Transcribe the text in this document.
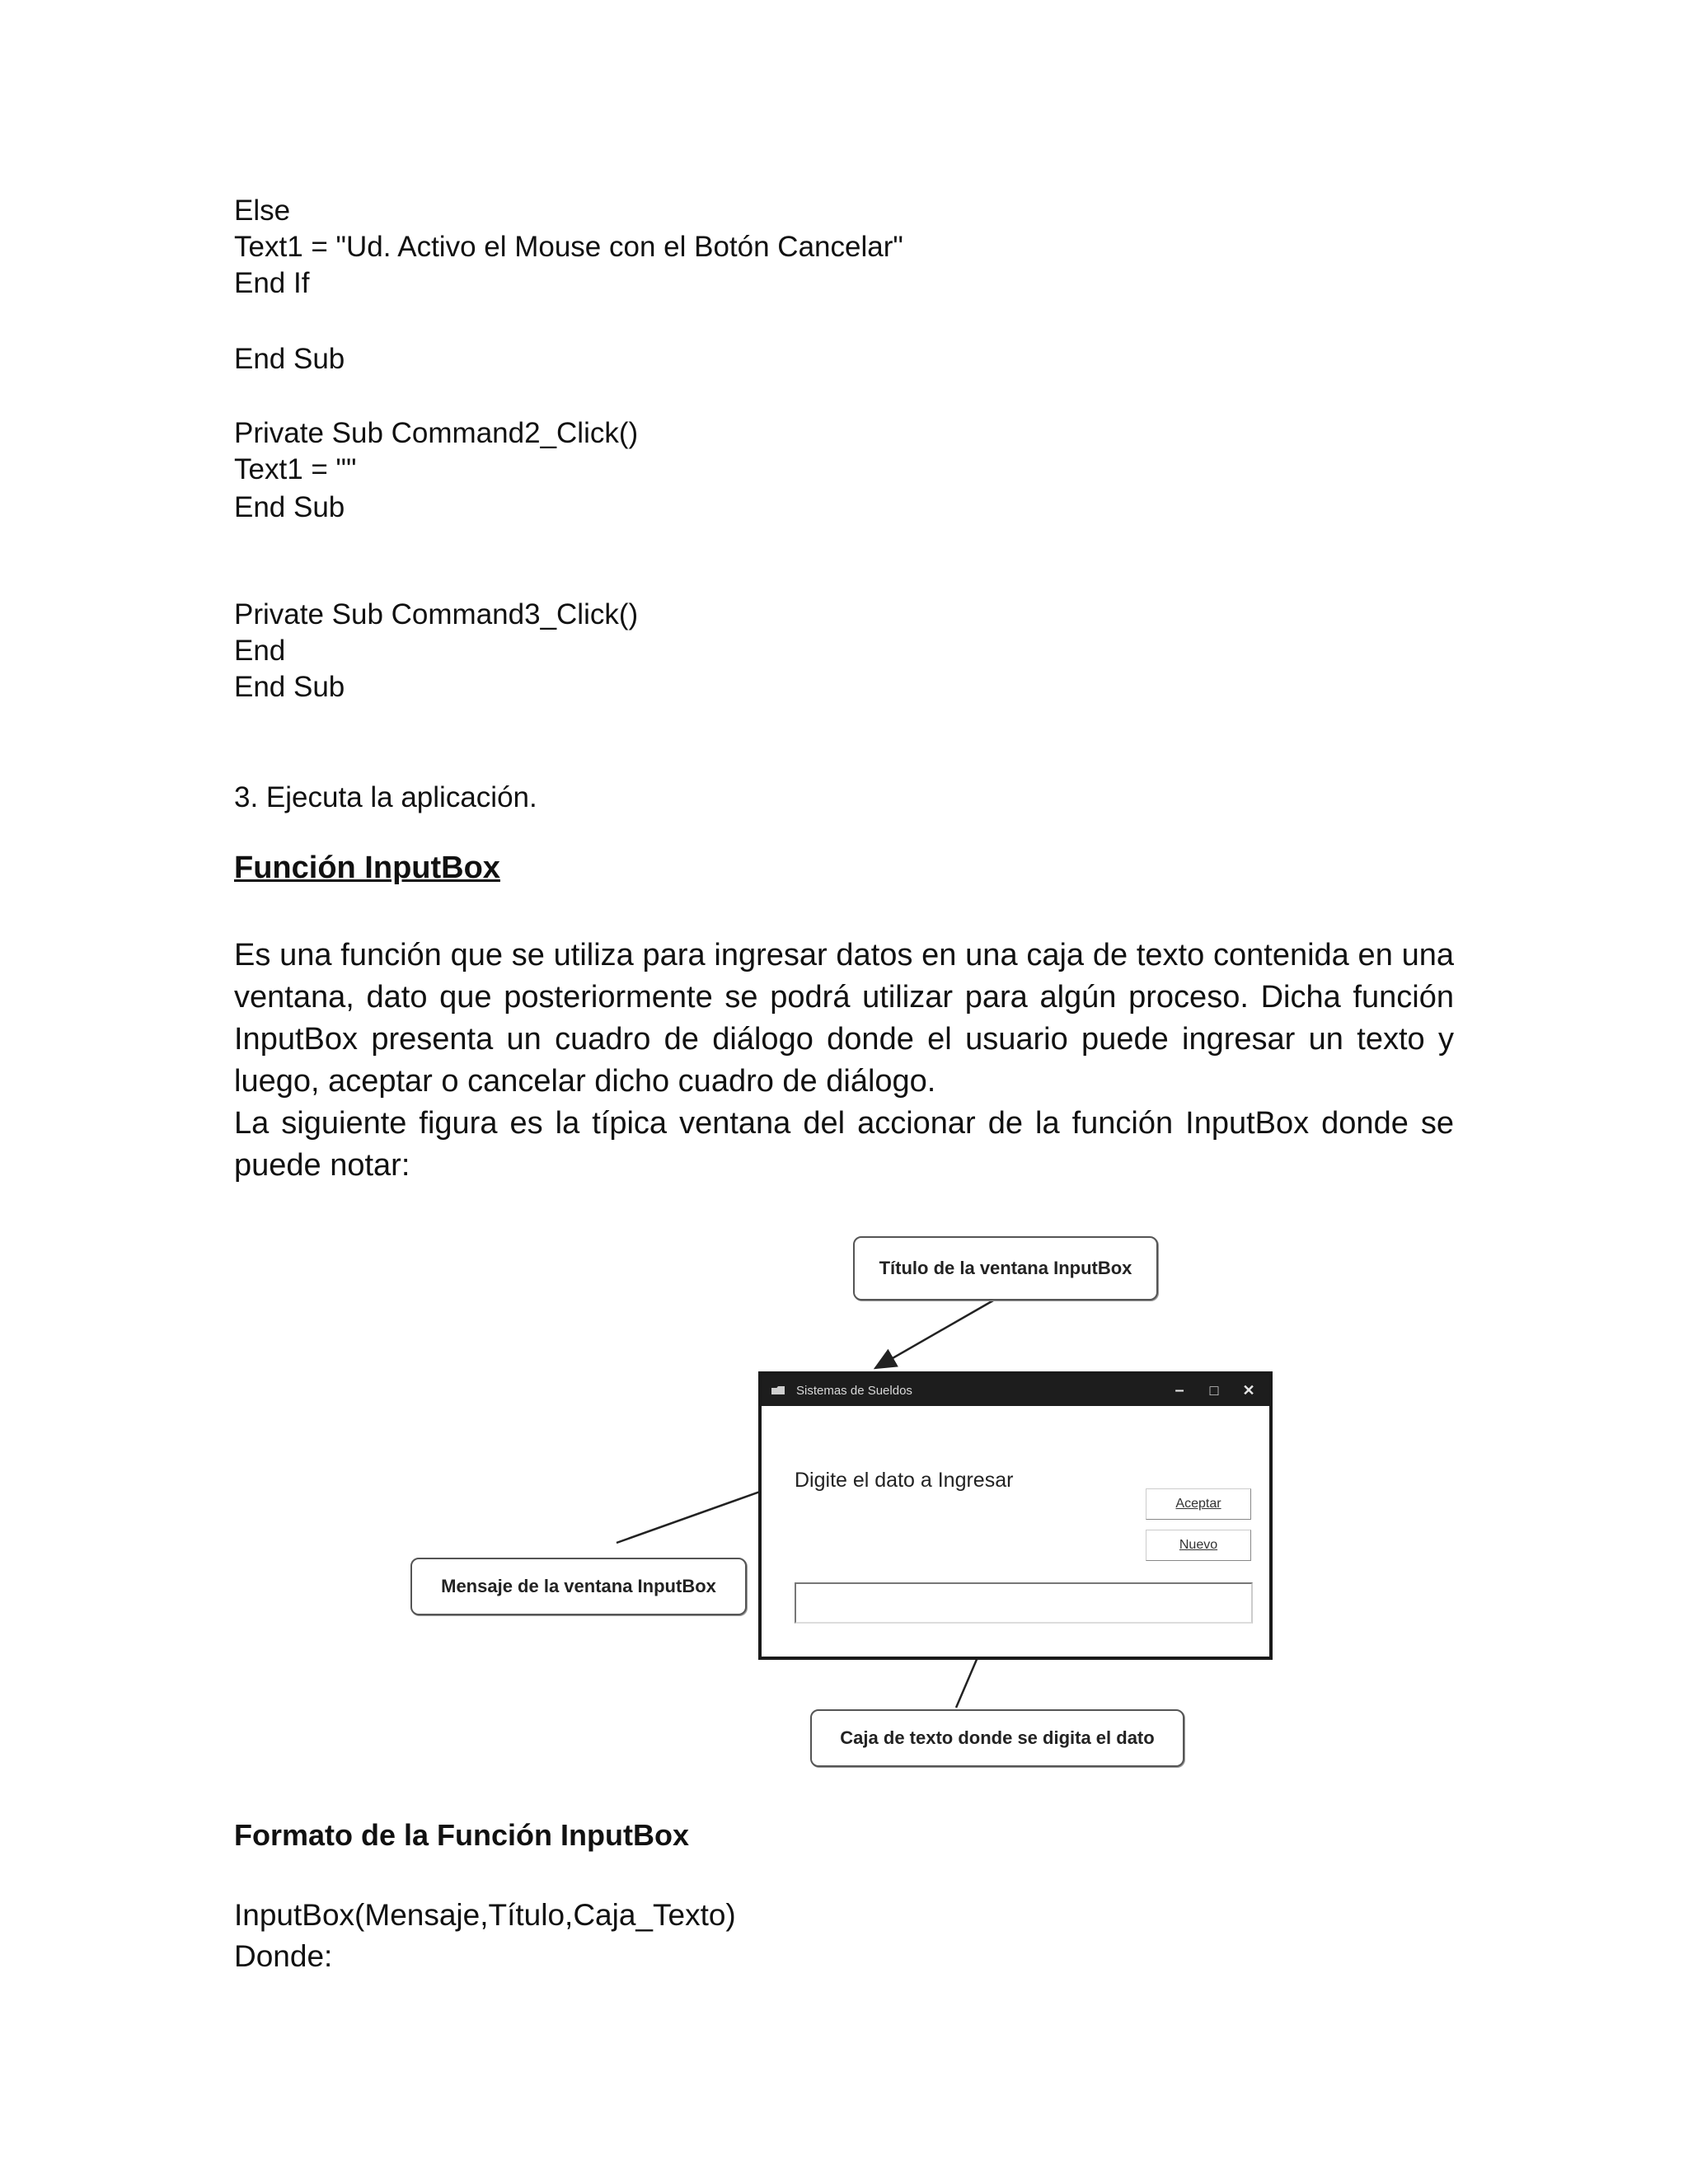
Else
Text1 = "Ud. Activo el Mouse con el Botón Cancelar"
End If
End Sub
Private Sub Command2_Click()
Text1 = ""
End Sub
Private Sub Command3_Click()
End
End Sub
3. Ejecuta la aplicación.
Función InputBox

Es una función que se utiliza para ingresar datos en una caja de texto contenida en una ventana, dato que posteriormente se podrá utilizar para algún proceso. Dicha función InputBox presenta un cuadro de diálogo donde el usuario puede ingresar un texto y luego, aceptar o cancelar dicho cuadro de diálogo.

La siguiente figura es la típica ventana del accionar de la función InputBox donde se puede notar:

Título de la ventana InputBox
Mensaje de la ventana InputBox
Caja de texto donde se digita el dato
Sistemas de Sueldos	–	□	✕
Digite el dato a Ingresar
Aceptar
Nuevo
Formato de la Función InputBox
InputBox(Mensaje,Título,Caja_Texto)
Donde:
